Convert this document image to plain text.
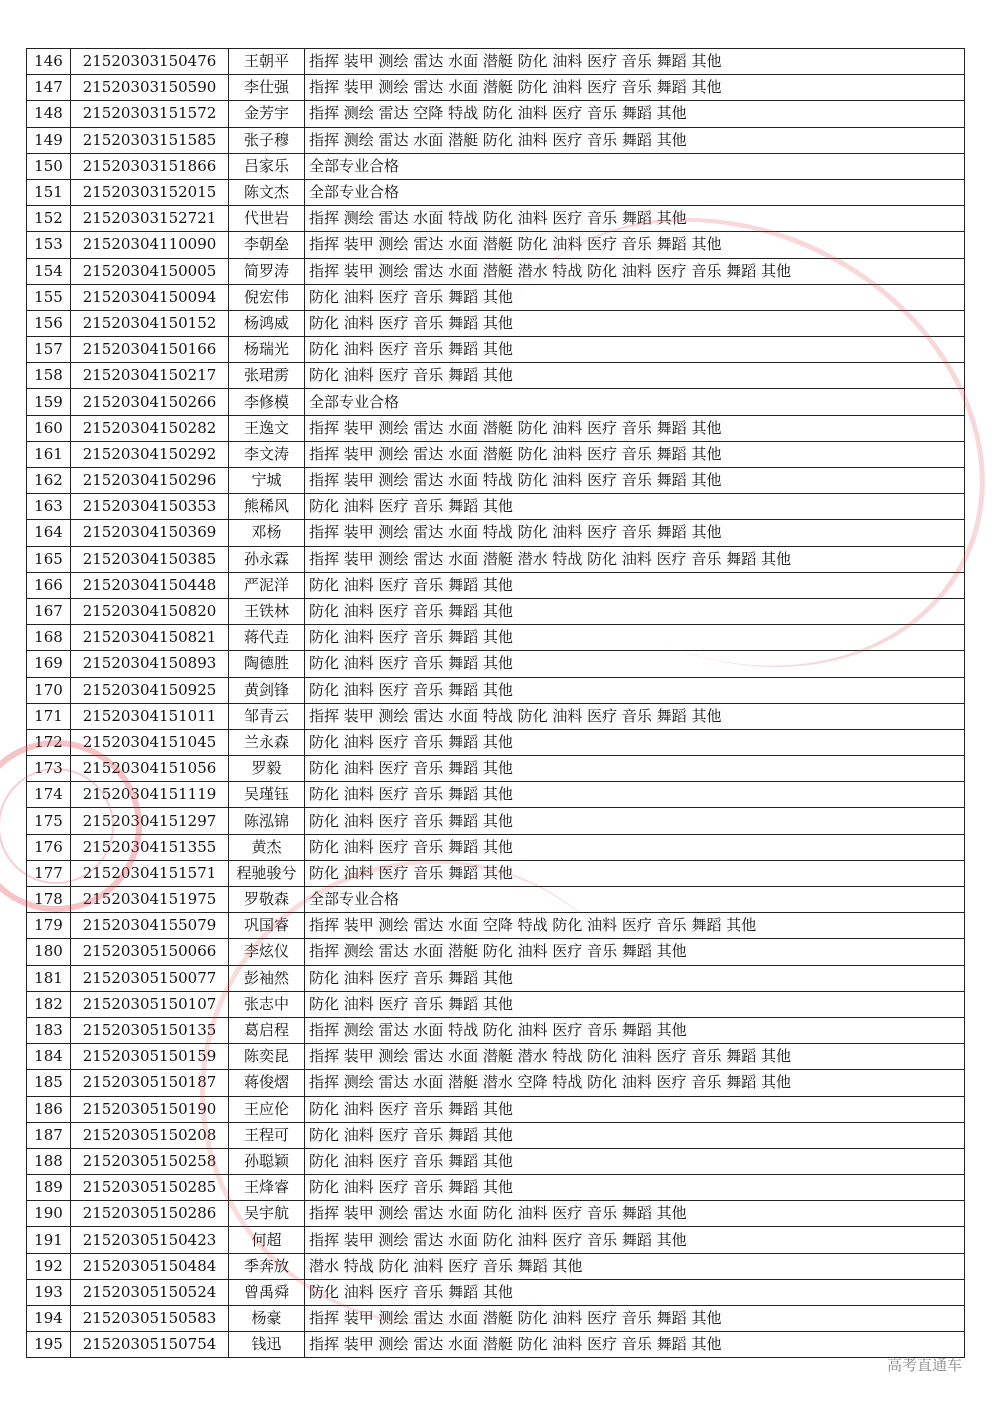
146	21520303150476	王朝平	指挥 装甲 测绘 雷达 水面 潜艇 防化 油料 医疗 音乐 舞蹈 其他
147	21520303150590	李仕强	指挥 装甲 测绘 雷达 水面 潜艇 防化 油料 医疗 音乐 舞蹈 其他
148	21520303151572	金芳宇	指挥 测绘 雷达 空降 特战 防化 油料 医疗 音乐 舞蹈 其他
149	21520303151585	张子穆	指挥 测绘 雷达 水面 潜艇 防化 油料 医疗 音乐 舞蹈 其他
150	21520303151866	吕家乐	全部专业合格
151	21520303152015	陈文杰	全部专业合格
152	21520303152721	代世岩	指挥 测绘 雷达 水面 特战 防化 油料 医疗 音乐 舞蹈 其他
153	21520304110090	李朝垒	指挥 装甲 测绘 雷达 水面 潜艇 防化 油料 医疗 音乐 舞蹈 其他
154	21520304150005	简罗涛	指挥 装甲 测绘 雷达 水面 潜艇 潜水 特战 防化 油料 医疗 音乐 舞蹈 其他
155	21520304150094	倪宏伟	防化 油料 医疗 音乐 舞蹈 其他
156	21520304150152	杨鸿威	防化 油料 医疗 音乐 舞蹈 其他
157	21520304150166	杨瑞光	防化 油料 医疗 音乐 舞蹈 其他
158	21520304150217	张珺雳	防化 油料 医疗 音乐 舞蹈 其他
159	21520304150266	李修模	全部专业合格
160	21520304150282	王逸文	指挥 装甲 测绘 雷达 水面 潜艇 防化 油料 医疗 音乐 舞蹈 其他
161	21520304150292	李文涛	指挥 装甲 测绘 雷达 水面 潜艇 防化 油料 医疗 音乐 舞蹈 其他
162	21520304150296	宁城	指挥 装甲 测绘 雷达 水面 特战 防化 油料 医疗 音乐 舞蹈 其他
163	21520304150353	熊稀风	防化 油料 医疗 音乐 舞蹈 其他
164	21520304150369	邓杨	指挥 装甲 测绘 雷达 水面 特战 防化 油料 医疗 音乐 舞蹈 其他
165	21520304150385	孙永霖	指挥 装甲 测绘 雷达 水面 潜艇 潜水 特战 防化 油料 医疗 音乐 舞蹈 其他
166	21520304150448	严泥洋	防化 油料 医疗 音乐 舞蹈 其他
167	21520304150820	王铁林	防化 油料 医疗 音乐 舞蹈 其他
168	21520304150821	蒋代垚	防化 油料 医疗 音乐 舞蹈 其他
169	21520304150893	陶德胜	防化 油料 医疗 音乐 舞蹈 其他
170	21520304150925	黄剑锋	防化 油料 医疗 音乐 舞蹈 其他
171	21520304151011	邹青云	指挥 装甲 测绘 雷达 水面 特战 防化 油料 医疗 音乐 舞蹈 其他
172	21520304151045	兰永森	防化 油料 医疗 音乐 舞蹈 其他
173	21520304151056	罗毅	防化 油料 医疗 音乐 舞蹈 其他
174	21520304151119	吴瑾钰	防化 油料 医疗 音乐 舞蹈 其他
175	21520304151297	陈泓锦	防化 油料 医疗 音乐 舞蹈 其他
176	21520304151355	黄杰	防化 油料 医疗 音乐 舞蹈 其他
177	21520304151571	程驰骏兮	防化 油料 医疗 音乐 舞蹈 其他
178	21520304151975	罗敬森	全部专业合格
179	21520304155079	巩国睿	指挥 装甲 测绘 雷达 水面 空降 特战 防化 油料 医疗 音乐 舞蹈 其他
180	21520305150066	李炫仪	指挥 测绘 雷达 水面 潜艇 防化 油料 医疗 音乐 舞蹈 其他
181	21520305150077	彭袖然	防化 油料 医疗 音乐 舞蹈 其他
182	21520305150107	张志中	防化 油料 医疗 音乐 舞蹈 其他
183	21520305150135	葛启程	指挥 测绘 雷达 水面 特战 防化 油料 医疗 音乐 舞蹈 其他
184	21520305150159	陈奕昆	指挥 装甲 测绘 雷达 水面 潜艇 潜水 特战 防化 油料 医疗 音乐 舞蹈 其他
185	21520305150187	蒋俊熠	指挥 测绘 雷达 水面 潜艇 潜水 空降 特战 防化 油料 医疗 音乐 舞蹈 其他
186	21520305150190	王应伦	防化 油料 医疗 音乐 舞蹈 其他
187	21520305150208	王程可	防化 油料 医疗 音乐 舞蹈 其他
188	21520305150258	孙聪颖	防化 油料 医疗 音乐 舞蹈 其他
189	21520305150285	王烽睿	防化 油料 医疗 音乐 舞蹈 其他
190	21520305150286	吴宇航	指挥 装甲 测绘 雷达 水面 防化 油料 医疗 音乐 舞蹈 其他
191	21520305150423	何超	指挥 装甲 测绘 雷达 水面 防化 油料 医疗 音乐 舞蹈 其他
192	21520305150484	季奔放	潜水 特战 防化 油料 医疗 音乐 舞蹈 其他
193	21520305150524	曾禹舜	防化 油料 医疗 音乐 舞蹈 其他
194	21520305150583	杨豪	指挥 装甲 测绘 雷达 水面 潜艇 防化 油料 医疗 音乐 舞蹈 其他
195	21520305150754	钱迅	指挥 装甲 测绘 雷达 水面 潜艇 防化 油料 医疗 音乐 舞蹈 其他
高考直通车
